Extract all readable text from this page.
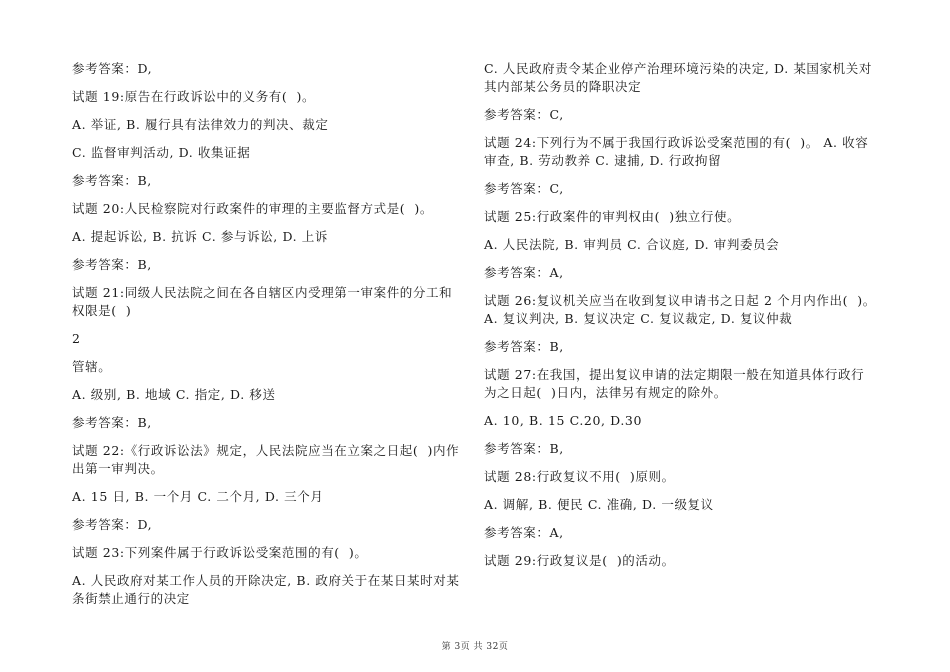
参考答案：D,

试题 19:原告在行政诉讼中的义务有(  )。

A. 举证, B. 履行具有法律效力的判决、裁定

C. 监督审判活动, D. 收集证据

参考答案：B,

试题 20:人民检察院对行政案件的审理的主要监督方式是(  )。

A. 提起诉讼, B. 抗诉 C. 参与诉讼, D. 上诉

参考答案：B,

试题 21:同级人民法院之间在各自辖区内受理第一审案件的分工和权限是(  )

2

管辖。

A. 级别, B. 地域 C. 指定, D. 移送

参考答案：B,

试题 22:《行政诉讼法》规定，人民法院应当在立案之日起(  )内作出第一审判决。

A. 15 日, B. 一个月 C. 二个月, D. 三个月

参考答案：D,

试题 23:下列案件属于行政诉讼受案范围的有(  )。

A. 人民政府对某工作人员的开除决定, B. 政府关于在某日某时对某条街禁止通行的决定

C. 人民政府责令某企业停产治理环境污染的决定, D. 某国家机关对其内部某公务员的降职决定

参考答案：C,

试题 24:下列行为不属于我国行政诉讼受案范围的有(  )。 A. 收容审查, B. 劳动教养 C. 逮捕, D. 行政拘留

参考答案：C,

试题 25:行政案件的审判权由(  )独立行使。

A. 人民法院, B. 审判员 C. 合议庭, D. 审判委员会

参考答案：A,

试题 26:复议机关应当在收到复议申请书之日起 2 个月内作出(  )。 A. 复议判决, B. 复议决定 C. 复议裁定, D. 复议仲裁

参考答案：B,

试题 27:在我国，提出复议申请的法定期限一般在知道具体行政行为之日起(  )日内，法律另有规定的除外。

A. 10, B. 15 C.20, D.30

参考答案：B,

试题 28:行政复议不用(  )原则。

A. 调解, B. 便民 C. 准确, D. 一级复议

参考答案：A,

试题 29:行政复议是(  )的活动。

第 3页 共 32页
